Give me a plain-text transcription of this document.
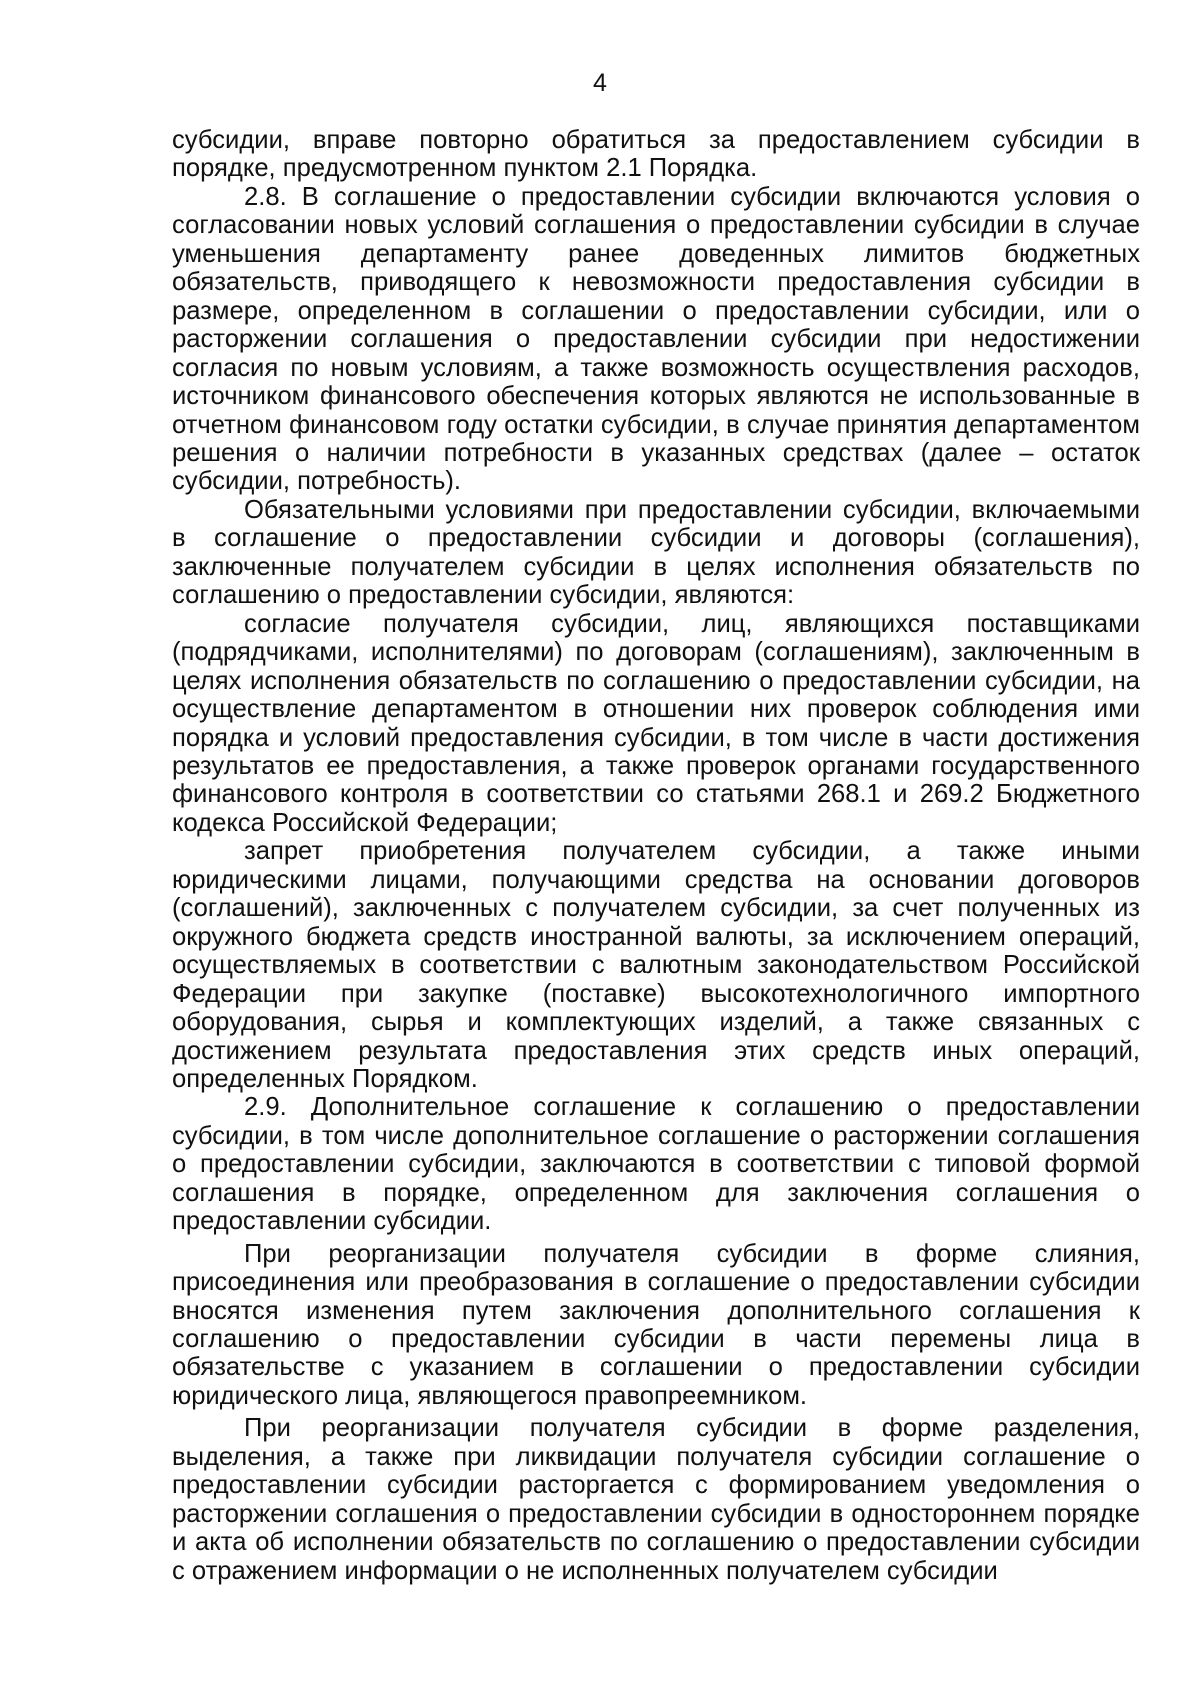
4

субсидии, вправе повторно обратиться за предоставлением субсидии в порядке, предусмотренном пунктом 2.1 Порядка.

2.8. В соглашение о предоставлении субсидии включаются условия о согласовании новых условий соглашения о предоставлении субсидии в случае уменьшения департаменту ранее доведенных лимитов бюджетных обязательств, приводящего к невозможности предоставления субсидии в размере, определенном в соглашении о предоставлении субсидии, или о расторжении соглашения о предоставлении субсидии при недостижении согласия по новым условиям, а также возможность осуществления расходов, источником финансового обеспечения которых являются не использованные в отчетном финансовом году остатки субсидии, в случае принятия департаментом решения о наличии потребности в указанных средствах (далее – остаток субсидии, потребность).

Обязательными условиями при предоставлении субсидии, включаемыми в соглашение о предоставлении субсидии и договоры (соглашения), заключенные получателем субсидии в целях исполнения обязательств по соглашению о предоставлении субсидии, являются:

согласие получателя субсидии, лиц, являющихся поставщиками (подрядчиками, исполнителями) по договорам (соглашениям), заключенным в целях исполнения обязательств по соглашению о предоставлении субсидии, на осуществление департаментом в отношении них проверок соблюдения ими порядка и условий предоставления субсидии, в том числе в части достижения результатов ее предоставления, а также проверок органами государственного финансового контроля в соответствии со статьями 268.1 и 269.2 Бюджетного кодекса Российской Федерации;

запрет приобретения получателем субсидии, а также иными юридическими лицами, получающими средства на основании договоров (соглашений), заключенных с получателем субсидии, за счет полученных из окружного бюджета средств иностранной валюты, за исключением операций, осуществляемых в соответствии с валютным законодательством Российской Федерации при закупке (поставке) высокотехнологичного импортного оборудования, сырья и комплектующих изделий, а также связанных с достижением результата предоставления этих средств иных операций, определенных Порядком.

2.9. Дополнительное соглашение к соглашению о предоставлении субсидии, в том числе дополнительное соглашение о расторжении соглашения о предоставлении субсидии, заключаются в соответствии с типовой формой соглашения в порядке, определенном для заключения соглашения о предоставлении субсидии.

При реорганизации получателя субсидии в форме слияния, присоединения или преобразования в соглашение о предоставлении субсидии вносятся изменения путем заключения дополнительного соглашения к соглашению о предоставлении субсидии в части перемены лица в обязательстве с указанием в соглашении о предоставлении субсидии юридического лица, являющегося правопреемником.

При реорганизации получателя субсидии в форме разделения, выделения, а также при ликвидации получателя субсидии соглашение о предоставлении субсидии расторгается с формированием уведомления о расторжении соглашения о предоставлении субсидии в одностороннем порядке и акта об исполнении обязательств по соглашению о предоставлении субсидии с отражением информации о не исполненных получателем субсидии
